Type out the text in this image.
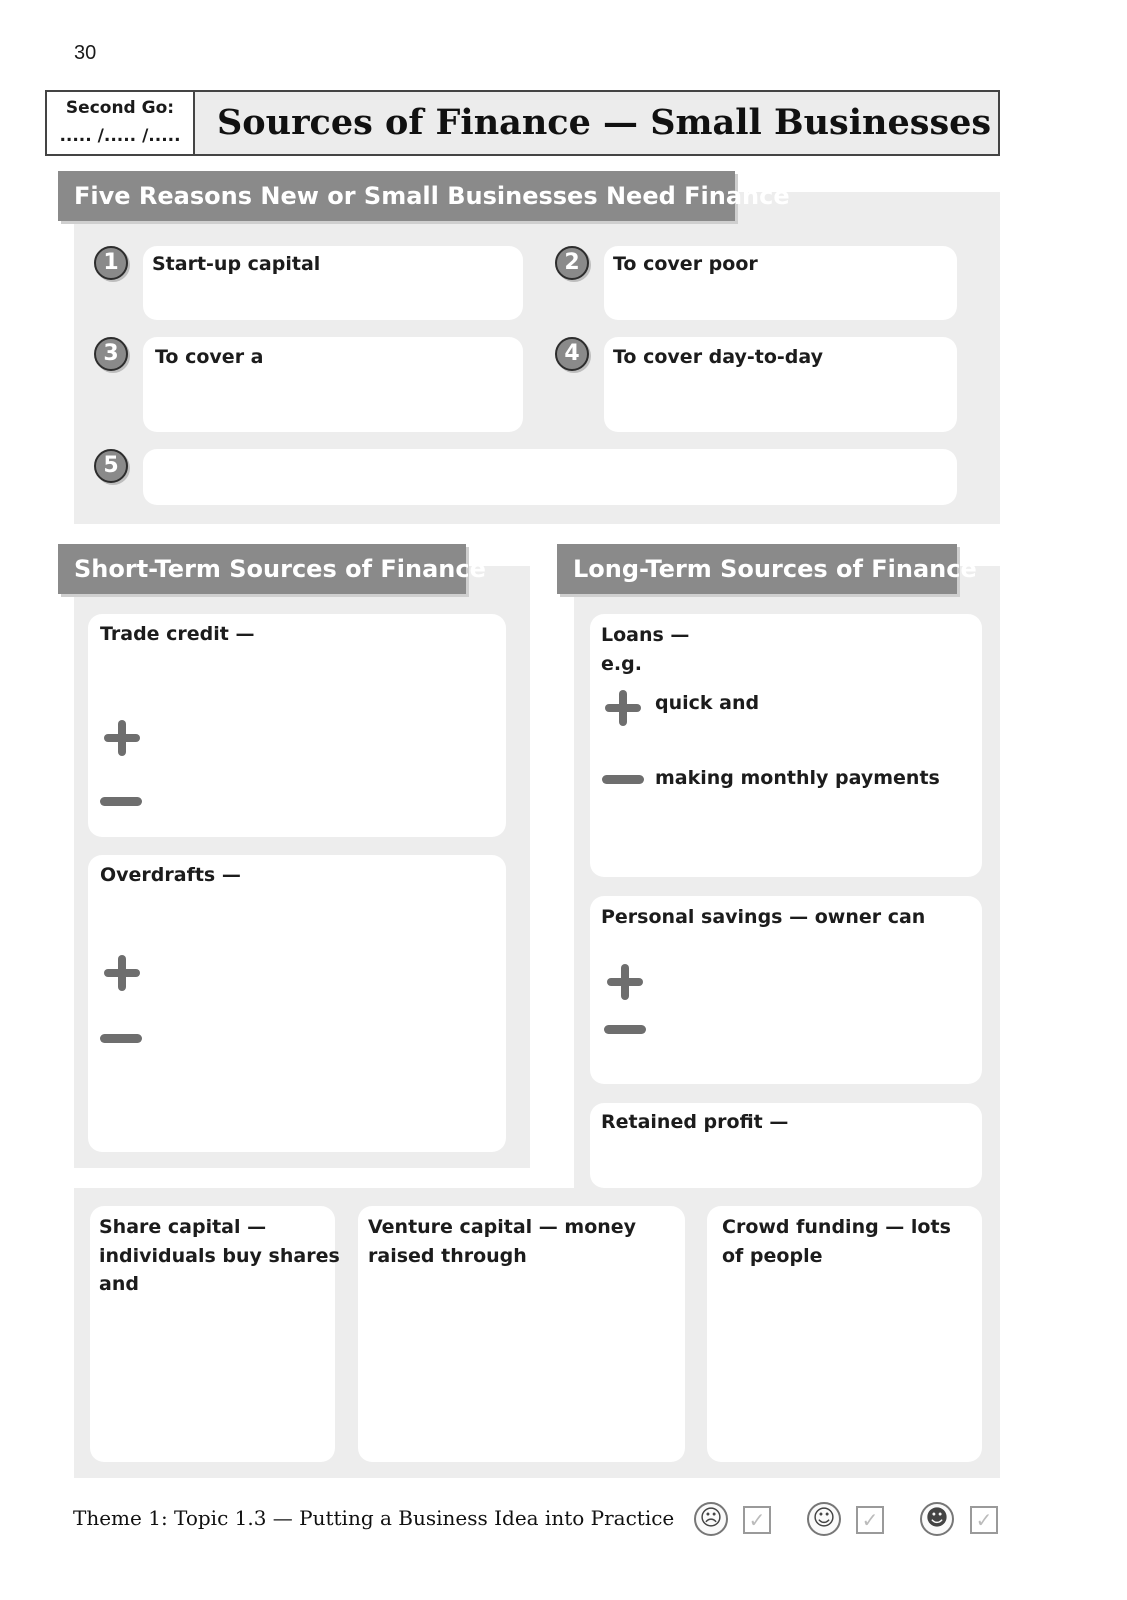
30
Second Go:
..... /..... /.....	Sources of Finance — Small Businesses
Five Reasons New or Small Businesses Need Finance
1	Start-up capital	2	To cover poor
3	To cover a	4	To cover day-to-day
5
Short-Term Sources of Finance
Trade credit —
Overdrafts —
Long-Term Sources of Finance
Loans —
e.g.
quick and
making monthly payments
Personal savings — owner can
Retained profit —
Share capital —
individuals buy shares
and
Venture capital — money
raised through
Crowd funding — lots
of people
Theme 1: Topic 1.3 — Putting a Business Idea into Practice ☹ ✓ ☺ ✓ ☻ ✓
